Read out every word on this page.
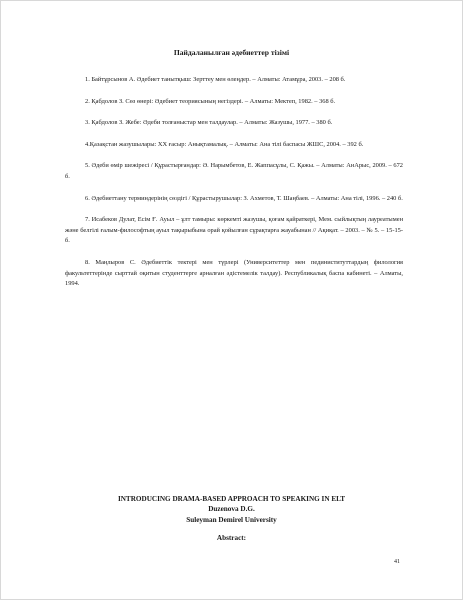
Пайдаланылған әдебиеттер тізімі

1. Байтұрсынов А. Әдебиет танытқыш: Зерттеу мен өлеңдер. – Алматы: Атамұра, 2003. – 208 б.

2. Қабдолов З. Сөз өнері: Әдебиет теориясының негіздері. – Алматы: Мектеп, 1982. – 368 б.

3. Қабдолов З. Жебе: Әдеби толғаныстар мен талдаулар. – Алматы: Жазушы, 1977. – 380 б.

4.Қазақстан жазушылары: ХХ ғасыр: Анықтамалық. – Алматы: Ана тілі баспасы ЖШС, 2004. – 392 б.

5. Әдеби өмір шежіресі / Құрастырғандар: Ә. Нарымбетов, Е. Жаппасұлы, С. Қажы. – Алматы: АнАрыс, 2009. – 672 б.

6. Әдебиеттану терминдерінің сөздігі / Құрастырушылар: З. Ахметов, Т. Шаңбаев. – Алматы: Ана тілі, 1996. – 240 б.

7. Исабеков Дулат, Есім Ғ. Ауыл – ұлт тамыры: көркемті жазушы, қоғам қайраткері, Мем. сыйлықтың лауреатымен және белгілі ғалым-философтың ауыл тақырыбына орай қойылған сұрақтарға жауабынан // Ақиқат. – 2003. – № 5. – 15-15-б.

8. Маңлыров С. Әдебиеттік тектері мен түрлері (Университеттер мен пединиституттардың филология факультеттерінде сырттай оқитын студенттерге арналған әдістемелік талдау). Республикалық баспа кабинеті. – Алматы, 1994.

INTRODUCING DRAMA-BASED APPROACH TO SPEAKING IN ELT
Duzenova D.G.
Suleyman Demirel University
Abstract:
41
